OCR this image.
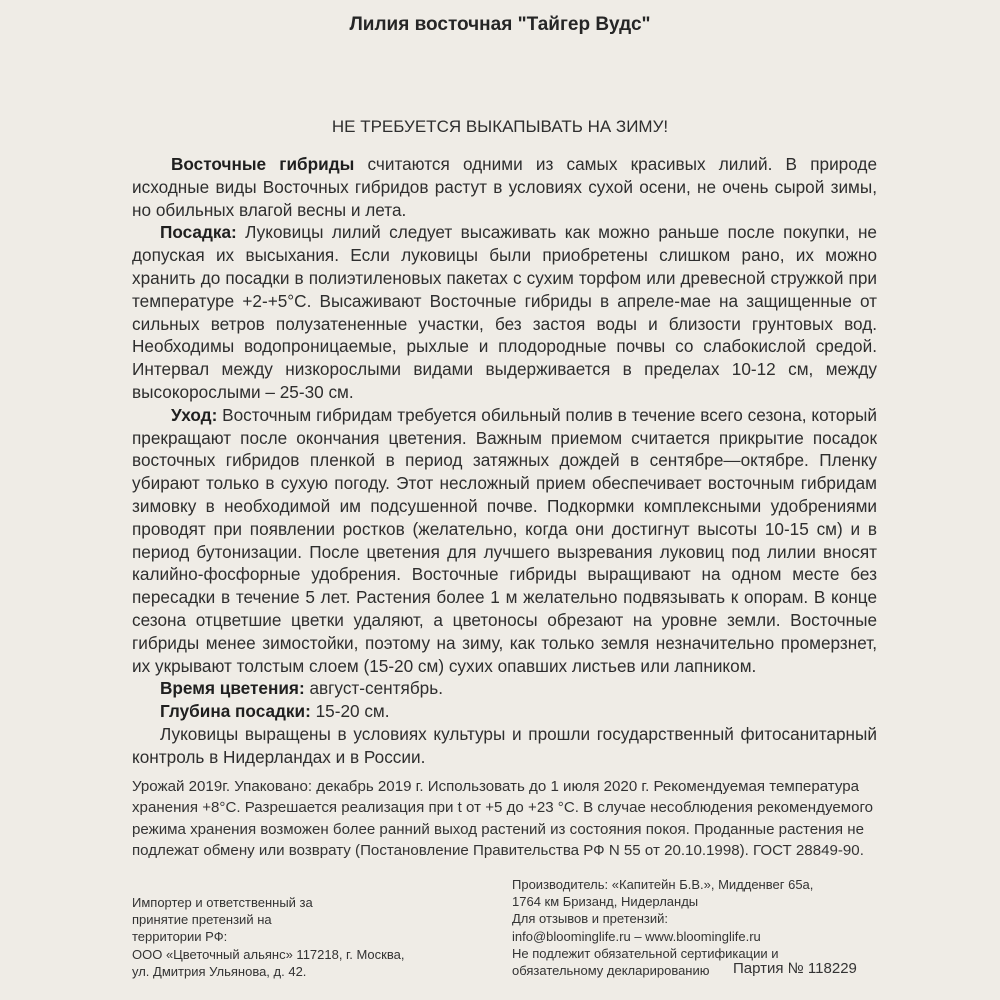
Лилия восточная "Тайгер Вудс"
НЕ ТРЕБУЕТСЯ ВЫКАПЫВАТЬ НА ЗИМУ!

Восточные гибриды считаются одними из самых красивых лилий. В природе исходные виды Восточных гибридов растут в условиях сухой осени, не очень сырой зимы, но обильных влагой весны и лета.

Посадка: Луковицы лилий следует высаживать как можно раньше после покупки, не допуская их высыхания. Если луковицы были приобретены слишком рано, их можно хранить до посадки в полиэтиленовых пакетах с сухим торфом или древесной стружкой при температуре +2-+5°С. Высаживают Восточные гибриды в апреле-мае на защищенные от сильных ветров полузатененные участки, без застоя воды и близости грунтовых вод. Необходимы водопроницаемые, рыхлые и плодородные почвы со слабокислой средой. Интервал между низкорослыми видами выдерживается в пределах 10-12 см, между высокорослыми – 25-30 см.

Уход: Восточным гибридам требуется обильный полив в течение всего сезона, который прекращают после окончания цветения. Важным приемом считается прикрытие посадок восточных гибридов пленкой в период затяжных дождей в сентябре—октябре. Пленку убирают только в сухую погоду. Этот несложный прием обеспечивает восточным гибридам зимовку в необходимой им подсушенной почве. Подкормки комплексными удобрениями проводят при появлении ростков (желательно, когда они достигнут высоты 10-15 см) и в период бутонизации. После цветения для лучшего вызревания луковиц под лилии вносят калийно-фосфорные удобрения. Восточные гибриды выращивают на одном месте без пересадки в течение 5 лет. Растения более 1 м желательно подвязывать к опорам. В конце сезона отцветшие цветки удаляют, а цветоносы обрезают на уровне земли. Восточные гибриды менее зимостойки, поэтому на зиму, как только земля незначительно промерзнет, их укрывают толстым слоем (15-20 см) сухих опавших листьев или лапником.

Время цветения: август-сентябрь.

Глубина посадки: 15-20 см.

Луковицы выращены в условиях культуры и прошли государственный фитосанитарный контроль в Нидерландах и в России.

Урожай 2019г. Упаковано: декабрь 2019 г. Использовать до 1 июля 2020 г. Рекомендуемая температура

хранения +8°С. Разрешается реализация при t от +5 до +23 °С. В случае несоблюдения рекомендуемого

режима хранения возможен более ранний выход растений из состояния покоя. Проданные растения не

подлежат обмену или возврату (Постановление Правительства РФ N 55 от 20.10.1998). ГОСТ 28849-90.

Импортер и ответственный за
принятие претензий на
территории РФ:
ООО «Цветочный альянс» 117218, г. Москва,
ул. Дмитрия Ульянова, д. 42.
Производитель: «Капитейн Б.В.», Мидденвег 65а,
1764 км Бризанд, Нидерланды
Для отзывов и претензий:
info@bloominglife.ru – www.bloominglife.ru
Не подлежит обязательной сертификации и
обязательному декларированию	Партия № 118229
